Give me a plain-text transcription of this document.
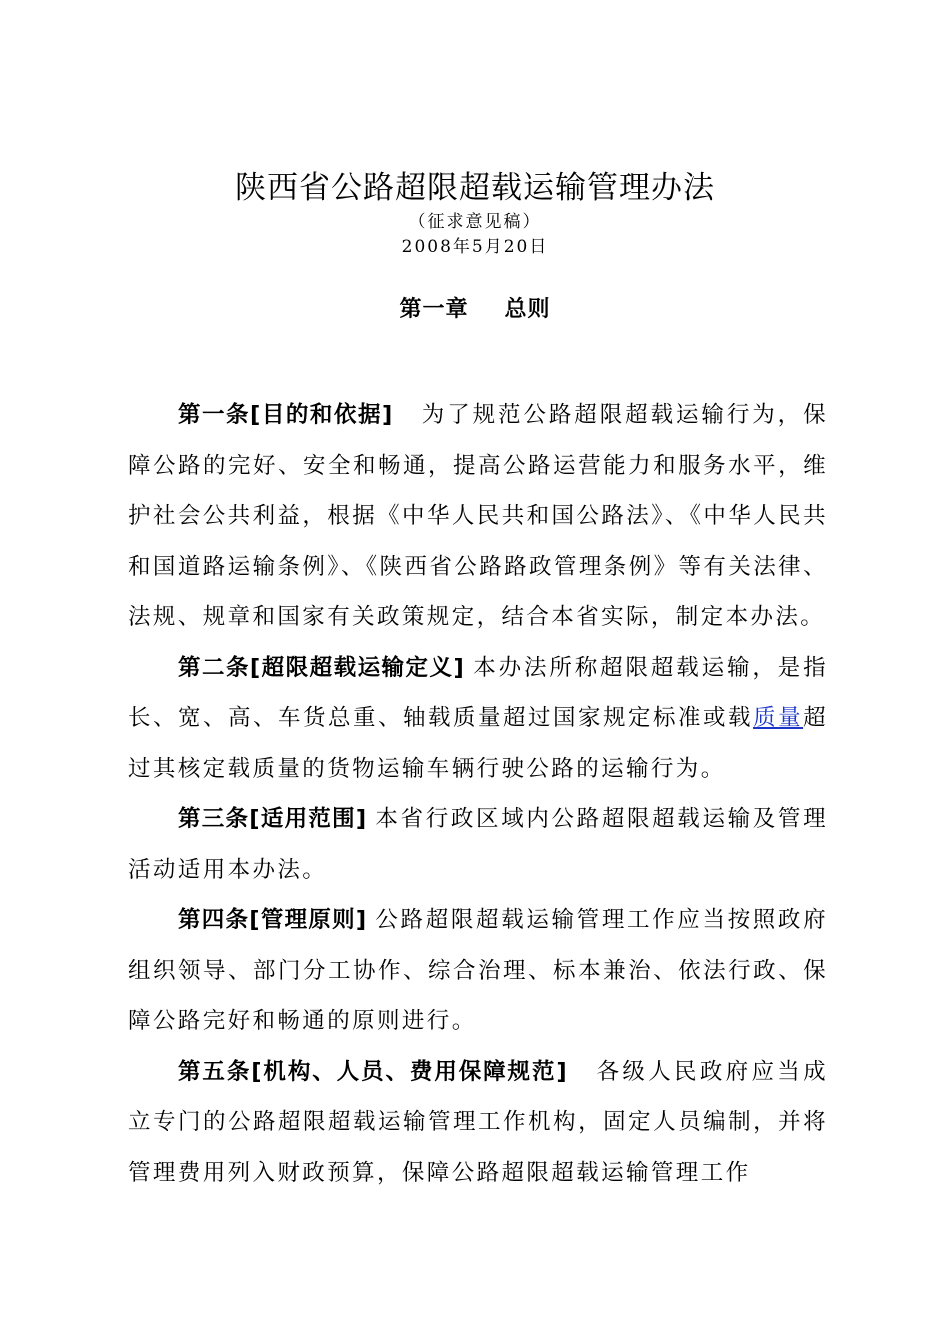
陕西省公路超限超载运输管理办法
（征求意见稿）
2008年5月20日
第一章 总则

第一条[目的和依据] 为了规范公路超限超载运输行为，保障公路的完好、安全和畅通，提高公路运营能力和服务水平，维护社会公共利益，根据《中华人民共和国公路法》、《中华人民共和国道路运输条例》、《陕西省公路路政管理条例》等有关法律、法规、规章和国家有关政策规定，结合本省实际，制定本办法。

第二条[超限超载运输定义] 本办法所称超限超载运输，是指长、宽、高、车货总重、轴载质量超过国家规定标准或载质量超过其核定载质量的货物运输车辆行驶公路的运输行为。

第三条[适用范围] 本省行政区域内公路超限超载运输及管理活动适用本办法。

第四条[管理原则] 公路超限超载运输管理工作应当按照政府组织领导、部门分工协作、综合治理、标本兼治、依法行政、保障公路完好和畅通的原则进行。

第五条[机构、人员、费用保障规范] 各级人民政府应当成立专门的公路超限超载运输管理工作机构，固定人员编制，并将管理费用列入财政预算，保障公路超限超载运输管理工作
